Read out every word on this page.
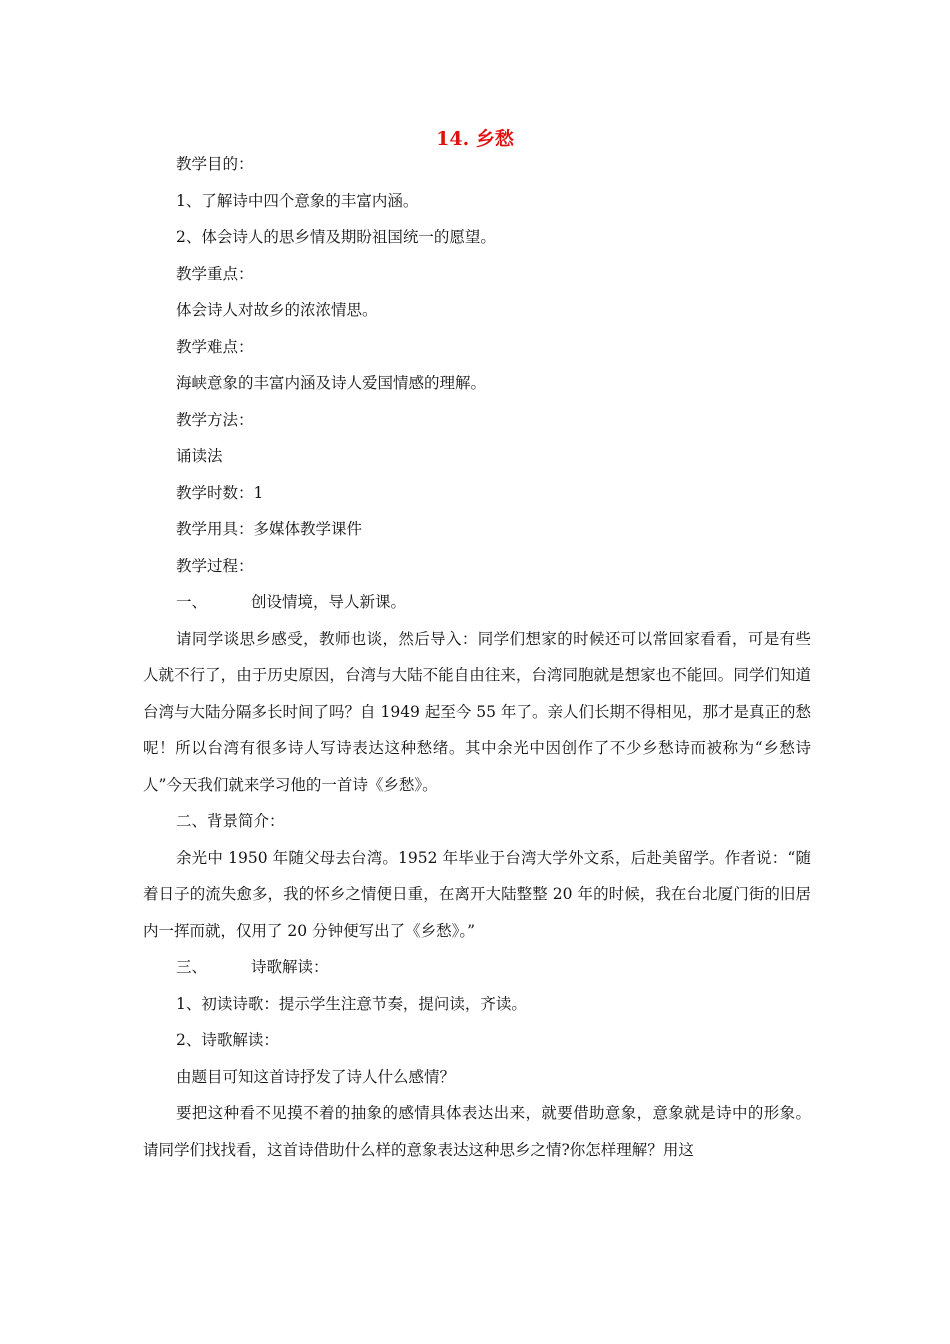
14. 乡愁

教学目的：

1、了解诗中四个意象的丰富内涵。

2、体会诗人的思乡情及期盼祖国统一的愿望。

教学重点：

体会诗人对故乡的浓浓情思。

教学难点：

海峡意象的丰富内涵及诗人爱国情感的理解。

教学方法：

诵读法

教学时数：1

教学用具：多媒体教学课件

教学过程：

一、	创设情境，导人新课。

请同学谈思乡感受，教师也谈，然后导入：同学们想家的时候还可以常回家看看，可是有些人就不行了，由于历史原因，台湾与大陆不能自由往来，台湾同胞就是想家也不能回。同学们知道台湾与大陆分隔多长时间了吗？自 1949 起至今 55 年了。亲人们长期不得相见，那才是真正的愁呢！所以台湾有很多诗人写诗表达这种愁绪。其中余光中因创作了不少乡愁诗而被称为“乡愁诗人”今天我们就来学习他的一首诗《乡愁》。

二、背景简介：

余光中 1950 年随父母去台湾。1952 年毕业于台湾大学外文系，后赴美留学。作者说：“随着日子的流失愈多，我的怀乡之情便日重，在离开大陆整整 20 年的时候，我在台北厦门街的旧居内一挥而就，仅用了 20 分钟便写出了《乡愁》。”

三、	诗歌解读：

1、初读诗歌：提示学生注意节奏，提问读，齐读。

2、诗歌解读：

由题目可知这首诗抒发了诗人什么感情？

要把这种看不见摸不着的抽象的感情具体表达出来，就要借助意象，意象就是诗中的形象。请同学们找找看，这首诗借助什么样的意象表达这种思乡之情?你怎样理解？用这
